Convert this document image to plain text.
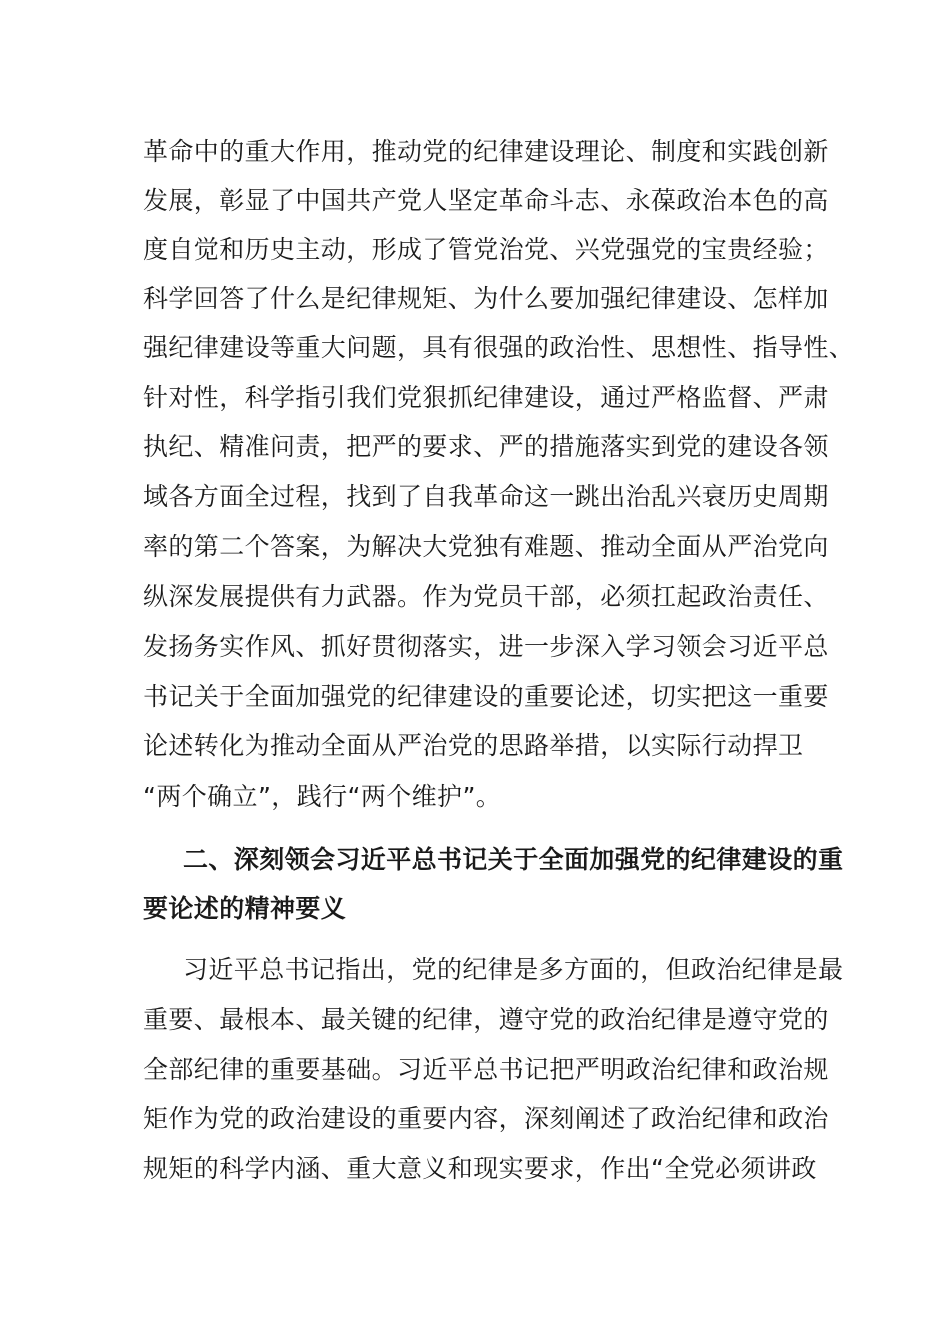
革命中的重大作用，推动党的纪律建设理论、制度和实践创新
发展，彰显了中国共产党人坚定革命斗志、永葆政治本色的高
度自觉和历史主动，形成了管党治党、兴党强党的宝贵经验；
科学回答了什么是纪律规矩、为什么要加强纪律建设、怎样加
强纪律建设等重大问题，具有很强的政治性、思想性、指导性、
针对性，科学指引我们党狠抓纪律建设，通过严格监督、严肃
执纪、精准问责，把严的要求、严的措施落实到党的建设各领
域各方面全过程，找到了自我革命这一跳出治乱兴衰历史周期
率的第二个答案，为解决大党独有难题、推动全面从严治党向
纵深发展提供有力武器。作为党员干部，必须扛起政治责任、
发扬务实作风、抓好贯彻落实，进一步深入学习领会习近平总
书记关于全面加强党的纪律建设的重要论述，切实把这一重要
论述转化为推动全面从严治党的思路举措，以实际行动捍卫
“两个确立”，践行“两个维护”。
二、深刻领会习近平总书记关于全面加强党的纪律建设的重
要论述的精神要义
习近平总书记指出，党的纪律是多方面的，但政治纪律是最
重要、最根本、最关键的纪律，遵守党的政治纪律是遵守党的
全部纪律的重要基础。习近平总书记把严明政治纪律和政治规
矩作为党的政治建设的重要内容，深刻阐述了政治纪律和政治
规矩的科学内涵、重大意义和现实要求，作出“全党必须讲政
